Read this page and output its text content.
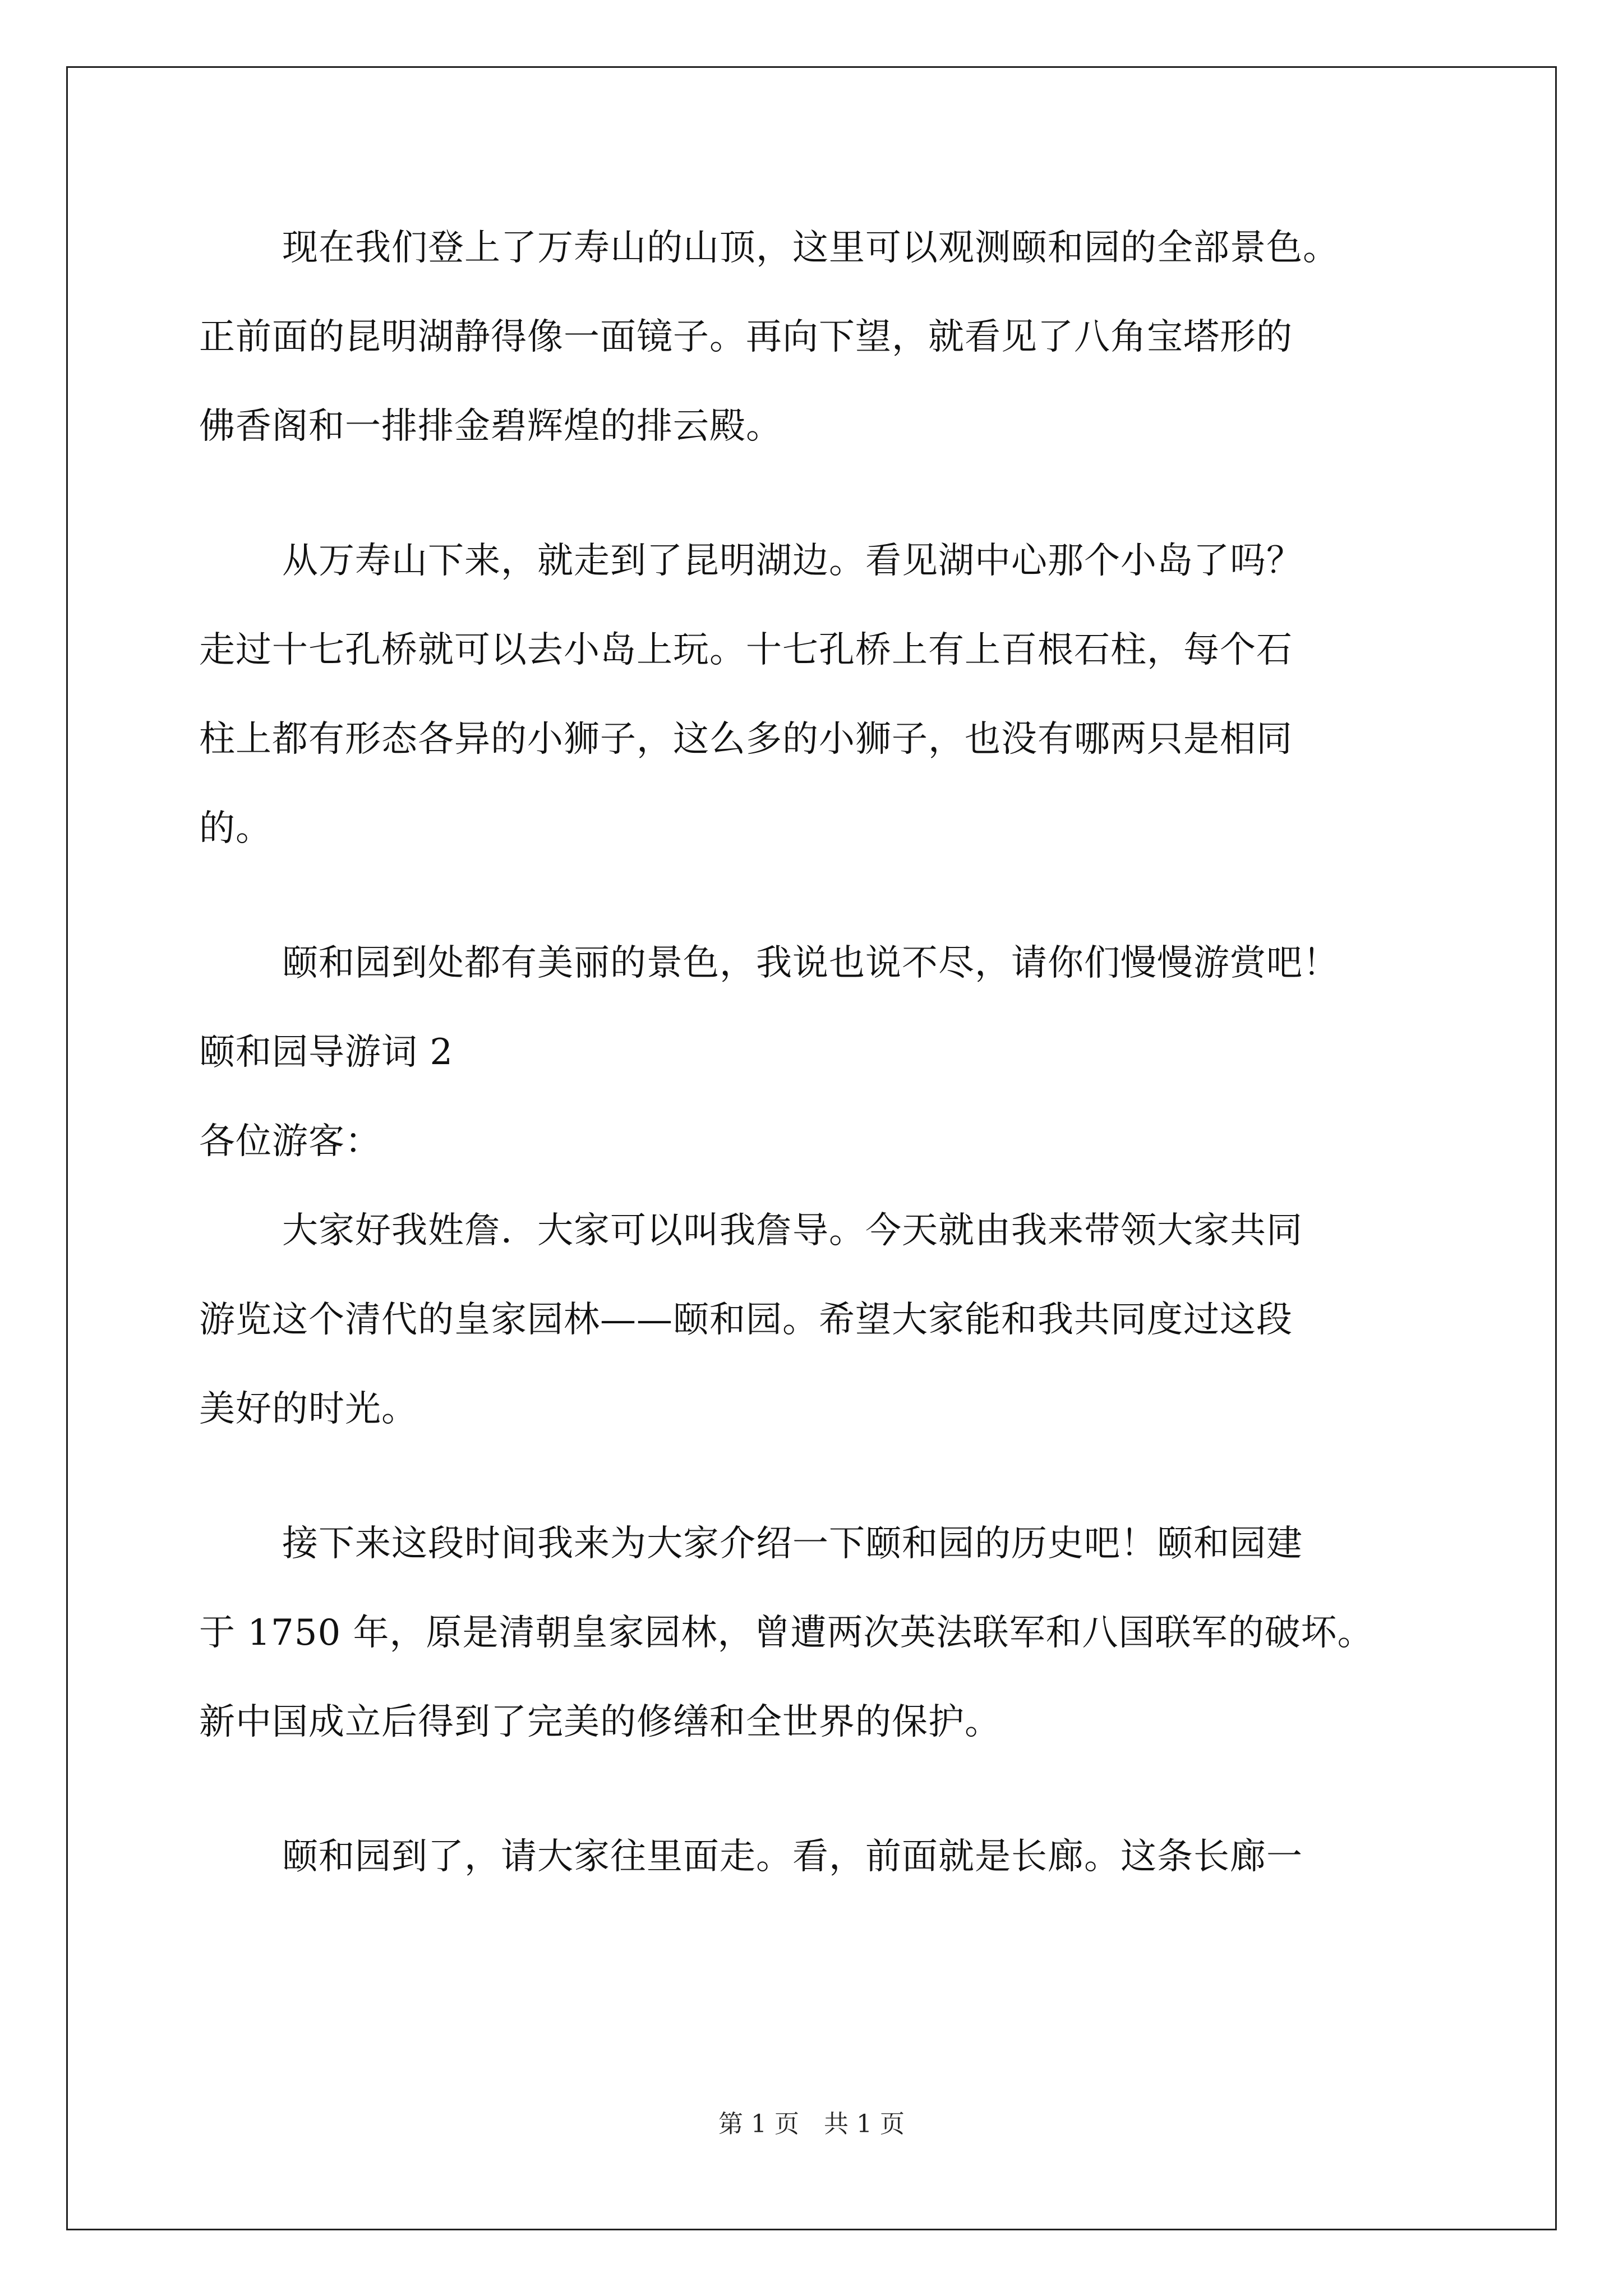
现在我们登上了万寿山的山顶，这里可以观测颐和园的全部景色。
正前面的昆明湖静得像一面镜子。再向下望，就看见了八角宝塔形的
佛香阁和一排排金碧辉煌的排云殿。
从万寿山下来，就走到了昆明湖边。看见湖中心那个小岛了吗？
走过十七孔桥就可以去小岛上玩。十七孔桥上有上百根石柱，每个石
柱上都有形态各异的小狮子，这么多的小狮子，也没有哪两只是相同
的。
颐和园到处都有美丽的景色，我说也说不尽，请你们慢慢游赏吧！
颐和园导游词 2
各位游客：
大家好我姓詹．大家可以叫我詹导。今天就由我来带领大家共同
游览这个清代的皇家园林——颐和园。希望大家能和我共同度过这段
美好的时光。
接下来这段时间我来为大家介绍一下颐和园的历史吧！颐和园建
于 1750 年，原是清朝皇家园林，曾遭两次英法联军和八国联军的破坏。
新中国成立后得到了完美的修缮和全世界的保护。
颐和园到了，请大家往里面走。看，前面就是长廊。这条长廊一
第 1 页　共 1 页
